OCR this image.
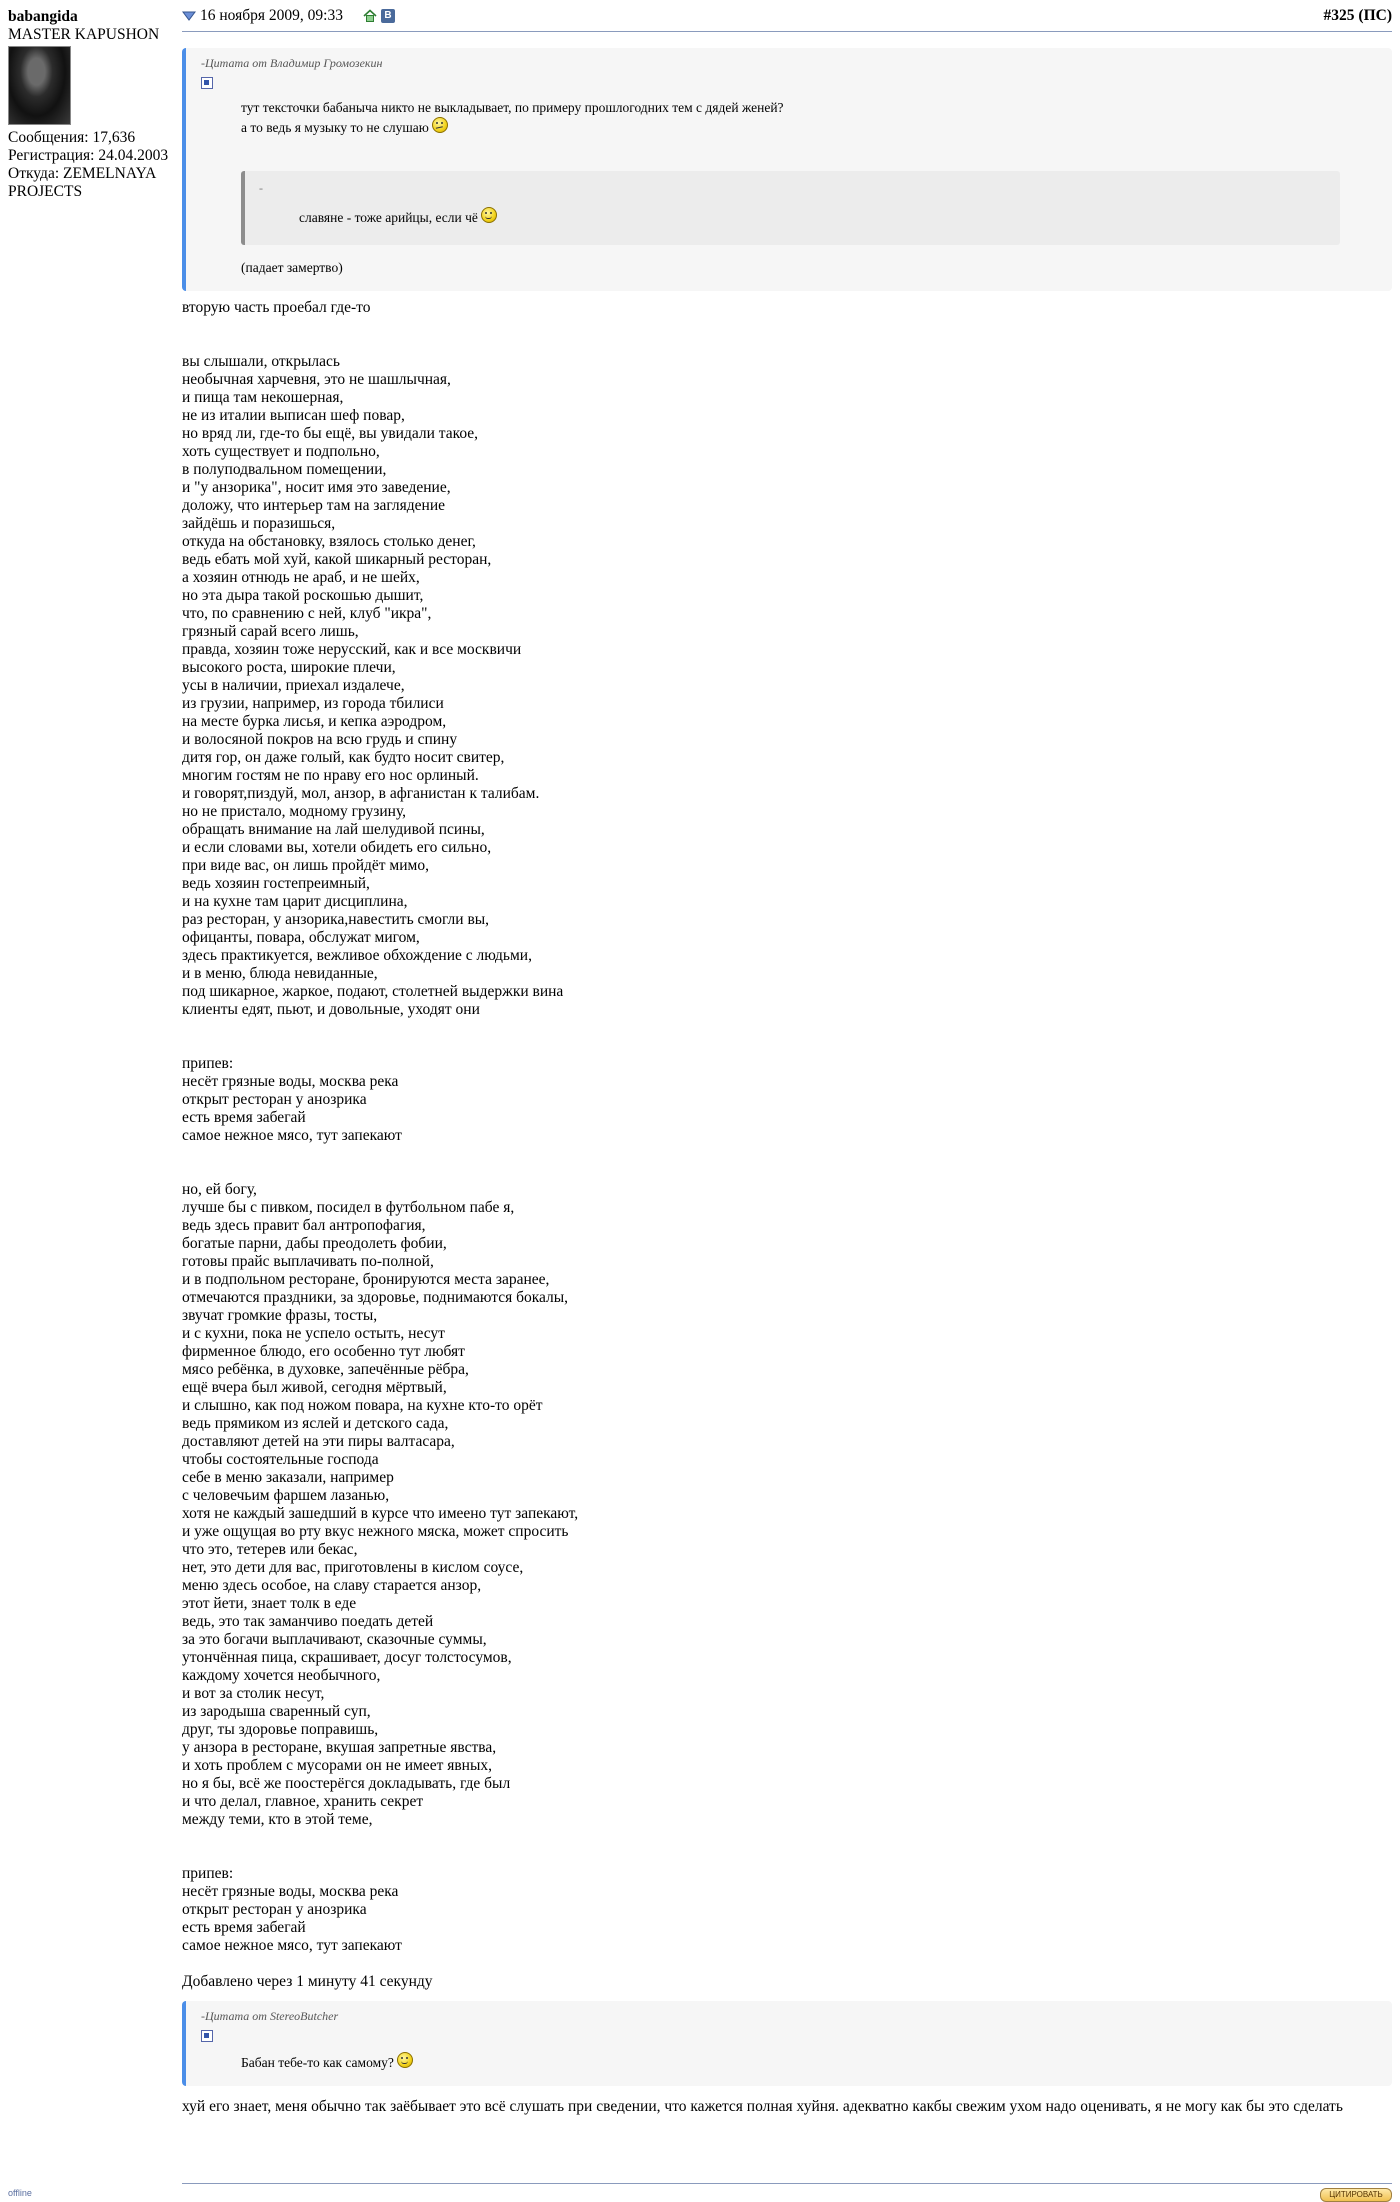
babangida
MASTER KAPUSHON
Сообщения: 17,636
Регистрация: 24.04.2003
Откуда: ZEMELNAYA PROJECTS
16 ноября 2009, 09:33	В	#325 (ПС)
-Цитата от Владимир Громозекин
тут тексточки бабаныча никто не выкладывает, по примеру прошлогодних тем с дядей женей?
а то ведь я музыку то не слушаю
-
славяне - тоже арийцы, если чё
(падает замертво)
вторую часть проебал где-то
вы слышали, открылась
необычная харчевня, это не шашлычная,
и пища там некошерная,
не из италии выписан шеф повар,
но вряд ли, где-то бы ещё, вы увидали такое,
хоть существует и подпольно,
в полуподвальном помещении,
и "у анзорика", носит имя это заведение,
доложу, что интерьер там на заглядение
зайдёшь и поразишься,
откуда на обстановку, взялось столько денег,
ведь ебать мой хуй, какой шикарный ресторан,
а хозяин отнюдь не араб, и не шейх,
но эта дыра такой роскошью дышит,
что, по сравнению с ней, клуб "икра",
грязный сарай всего лишь,
правда, хозяин тоже нерусский, как и все москвичи
высокого роста, широкие плечи,
усы в наличии, приехал издалече,
из грузии, например, из города тбилиси
на месте бурка лисья, и кепка аэродром,
и волосяной покров на всю грудь и спину
дитя гор, он даже голый, как будто носит свитер,
многим гостям не по нраву его нос орлиный.
и говорят,пиздуй, мол, анзор, в афганистан к талибам.
но не пристало, модному грузину,
обращать внимание на лай шелудивой псины,
и если словами вы, хотели обидеть его сильно,
при виде вас, он лишь пройдёт мимо,
ведь хозяин гостепреимный,
и на кухне там царит дисциплина,
раз ресторан, у анзорика,навестить смогли вы,
офицанты, повара, обслужат мигом,
здесь практикуется, вежливое обхождение с людьми,
и в меню, блюда невиданные,
под шикарное, жаркое, подают, столетней выдержки вина
клиенты едят, пьют, и довольные, уходят они
припев:
несёт грязные воды, москва река
открыт ресторан у анозрика
есть время забегай
самое нежное мясо, тут запекают
но, ей богу,
лучше бы с пивком, посидел в футбольном пабе я,
ведь здесь правит бал антропофагия,
богатые парни, дабы преодолеть фобии,
готовы прайс выплачивать по-полной,
и в подпольном ресторане, бронируются места заранее,
отмечаются праздники, за здоровье, поднимаются бокалы,
звучат громкие фразы, тосты,
и с кухни, пока не успело остыть, несут
фирменное блюдо, его особенно тут любят
мясо ребёнка, в духовке, запечённые рёбра,
ещё вчера был живой, сегодня мёртвый,
и слышно, как под ножом повара, на кухне кто-то орёт
ведь прямиком из яслей и детского сада,
доставляют детей на эти пиры валтасара,
чтобы состоятельные господа
себе в меню заказали, например
с человечьим фаршем лазанью,
хотя не каждый зашедший в курсе что имеено тут запекают,
и уже ощущая во рту вкус нежного мяска, может спросить
что это, тетерев или бекас,
нет, это дети для вас, приготовлены в кислом соусе,
меню здесь особое, на славу старается анзор,
этот йети, знает толк в еде
ведь, это так заманчиво поедать детей
за это богачи выплачивают, сказочные суммы,
утончённая пица, скрашивает, досуг толстосумов,
каждому хочется необычного,
и вот за столик несут,
из зародыша сваренный суп,
друг, ты здоровье поправишь,
у анзора в ресторане, вкушая запретные явства,
и хоть проблем с мусорами он не имеет явных,
но я бы, всё же поостерёгся докладывать, где был
и что делал, главное, хранить секрет
между теми, кто в этой теме,
припев:
несёт грязные воды, москва река
открыт ресторан у анозрика
есть время забегай
самое нежное мясо, тут запекают
Добавлено через 1 минуту 41 секунду
-Цитата от StereoButcher
Бабан тебе-то как самому?
хуй его знает, меня обычно так заёбывает это всё слушать при сведении, что кажется полная хуйня. адекватно какбы свежим ухом надо оценивать, я не могу как бы это сделать
offline	ЦИТИРОВАТЬ
